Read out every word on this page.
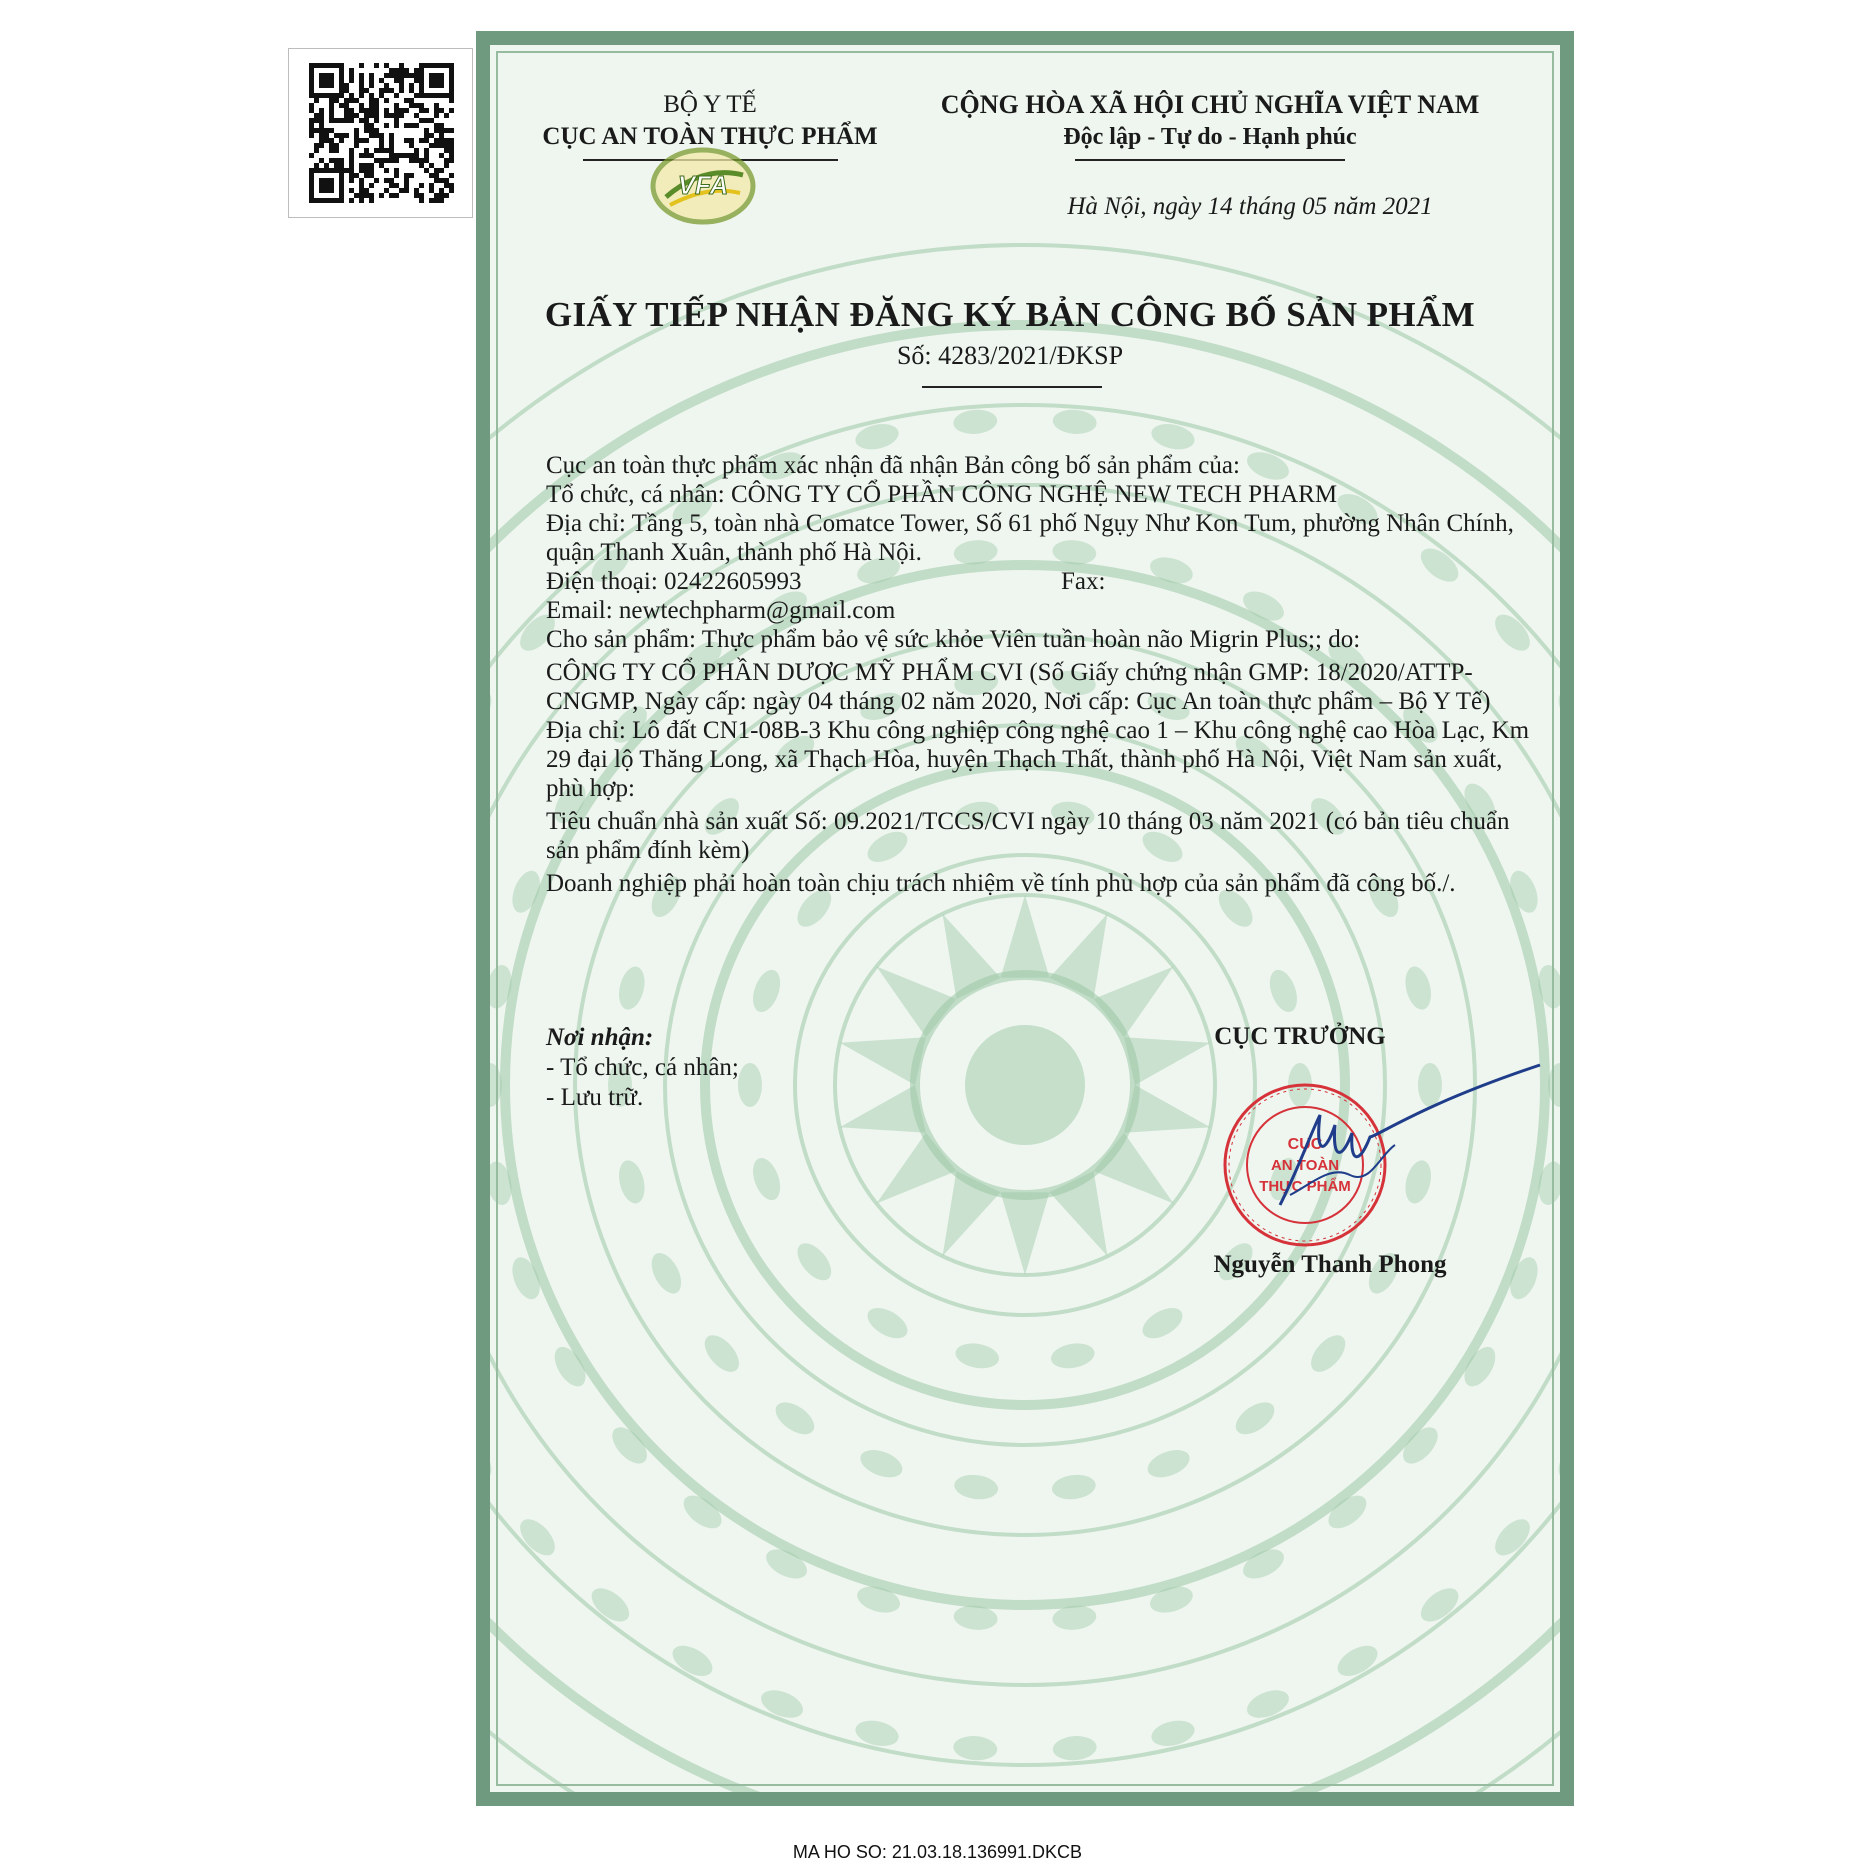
BỘ Y TẾ
CỤC AN TOÀN THỰC PHẨM
VFA
CỘNG HÒA XÃ HỘI CHỦ NGHĨA VIỆT NAM
Độc lập - Tự do - Hạnh phúc
Hà Nội, ngày 14 tháng 05 năm 2021
GIẤY TIẾP NHẬN ĐĂNG KÝ BẢN CÔNG BỐ SẢN PHẨM
Số: 4283/2021/ĐKSP

Cục an toàn thực phẩm xác nhận đã nhận Bản công bố sản phẩm của:

Tổ chức, cá nhân: CÔNG TY CỔ PHẦN CÔNG NGHỆ NEW TECH PHARM

Địa chỉ: Tầng 5, toàn nhà Comatce Tower, Số 61 phố Ngụy Như Kon Tum, phường Nhân Chính, quận Thanh Xuân, thành phố Hà Nội.

Điện thoại: 02422605993	Fax:

Email: newtechpharm@gmail.com

Cho sản phẩm: Thực phẩm bảo vệ sức khỏe Viên tuần hoàn não Migrin Plus;; do:

CÔNG TY CỔ PHẦN DƯỢC MỸ PHẨM CVI (Số Giấy chứng nhận GMP: 18/2020/ATTP-CNGMP, Ngày cấp: ngày 04 tháng 02 năm 2020, Nơi cấp: Cục An toàn thực phẩm – Bộ Y Tế)

Địa chỉ: Lô đất CN1-08B-3 Khu công nghiệp công nghệ cao 1 – Khu công nghệ cao Hòa Lạc, Km 29 đại lộ Thăng Long, xã Thạch Hòa, huyện Thạch Thất, thành phố Hà Nội, Việt Nam sản xuất, phù hợp:

Tiêu chuẩn nhà sản xuất Số: 09.2021/TCCS/CVI ngày 10 tháng 03 năm 2021 (có bản tiêu chuẩn sản phẩm đính kèm)

Doanh nghiệp phải hoàn toàn chịu trách nhiệm về tính phù hợp của sản phẩm đã công bố./.

Nơi nhận:
- Tổ chức, cá nhân;
- Lưu trữ.
CỤC TRƯỞNG
CỤC
AN TOÀN
THỰC PHẨM
Nguyễn Thanh Phong
MA HO SO: 21.03.18.136991.DKCB
